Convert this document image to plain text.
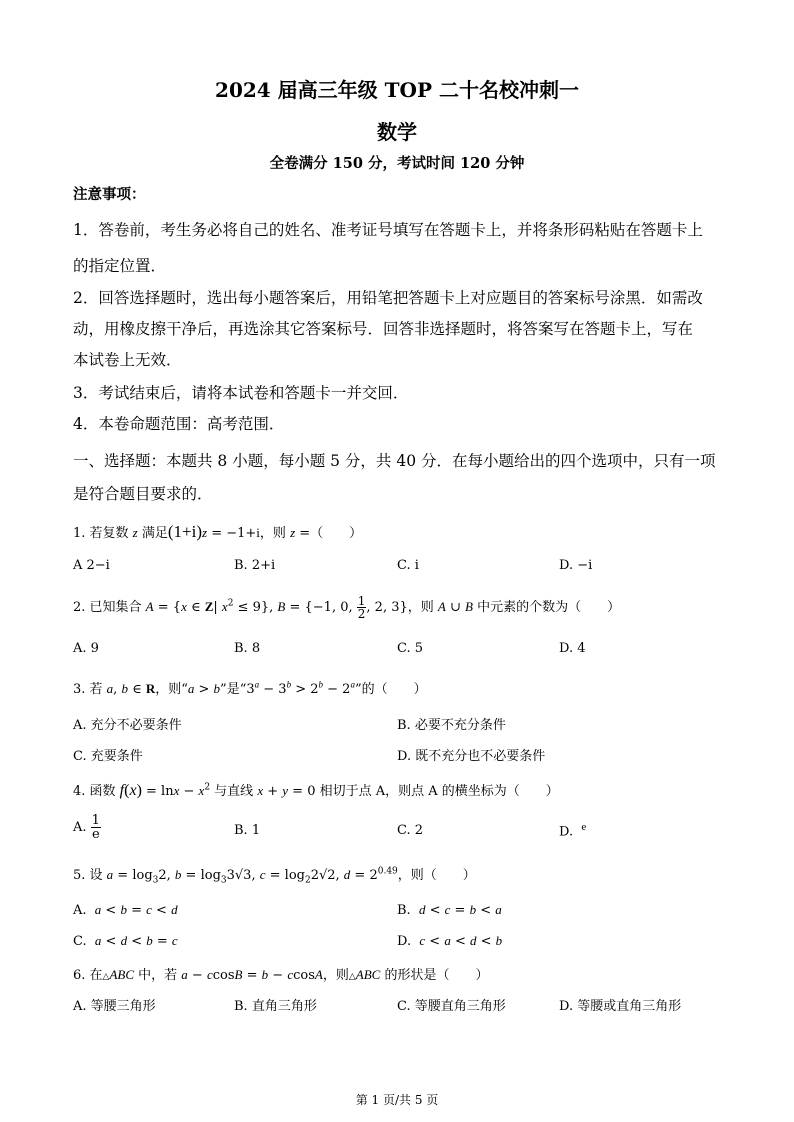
2024 届高三年级 TOP 二十名校冲刺一
数学
全卷满分 150 分，考试时间 120 分钟
注意事项：
1．答卷前，考生务必将自己的姓名、准考证号填写在答题卡上，并将条形码粘贴在答题卡上
的指定位置．
2．回答选择题时，选出每小题答案后，用铅笔把答题卡上对应题目的答案标号涂黑．如需改
动，用橡皮擦干净后，再选涂其它答案标号．回答非选择题时，将答案写在答题卡上，写在
本试卷上无效．
3．考试结束后，请将本试卷和答题卡一并交回．
4．本卷命题范围：高考范围．
一、选择题：本题共 8 小题，每小题 5 分，共 40 分．在每小题给出的四个选项中，只有一项
是符合题目要求的．
1. 若复数 z 满足(1+i)z = −1+i，则 z =（　　）
A 2−i	B. 2+i	C. i	D. −i
2. 已知集合 A = {x ∈ Z| $x^2 \le 9$}, B = {−1, 0, $\frac{1}{2}$ , 2, 3}，则 A ∪ B 中元素的个数为（　　）
A. 9	B. 8	C. 5	D. 4
3. 若 a, b ∈ R，则“a > b”是“$3^a - 3^b > 2^b - 2^a$”的（　　）
A. 充分不必要条件	B. 必要不充分条件
C. 充要条件	D. 既不充分也不必要条件
4. 函数 $f(x) = \ln x - x^2$ 与直线 x + y = 0 相切于点 A，则点 A 的横坐标为（　　）
A. $\frac{1}{e}$	B. 1	C. 2	D.  $^e$
5. 设 $a = \log_32$, $b = \log_33√3$, $c = \log_22√2$, $d = 2^{0.49}$，则（　　）
A.  a < b = c < d	B.  d < c = b < a
C.  a < d < b = c	D.  c < a < d < b
6. 在△ABC 中，若 a − ccosB = b − ccosA，则△ABC 的形状是（　　）
A. 等腰三角形	B. 直角三角形	C. 等腰直角三角形	D. 等腰或直角三角形
第 1 页/共 5 页
